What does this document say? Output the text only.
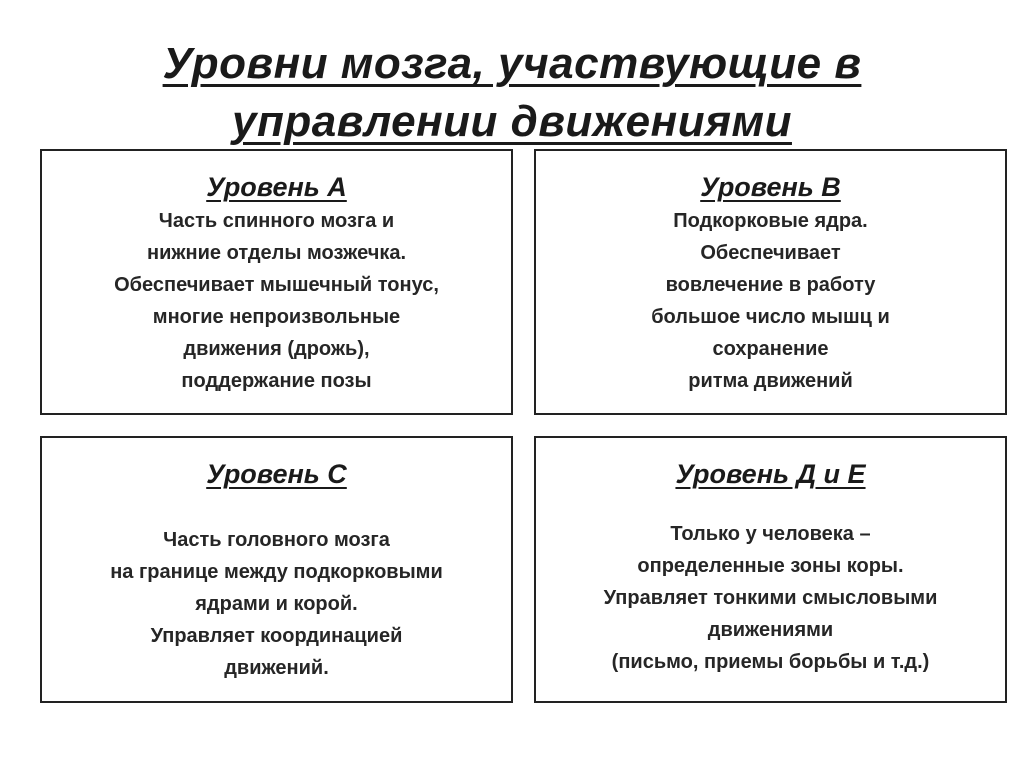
Уровни мозга, участвующие в
управлении движениями
Уровень А
Часть спинного мозга и
нижние отделы мозжечка.
Обеспечивает мышечный тонус,
многие непроизвольные
движения (дрожь),
поддержание позы
Уровень В
Подкорковые ядра.
Обеспечивает
вовлечение в работу
большое число мышц и
сохранение
ритма движений
Уровень С
Часть головного мозга
на границе между подкорковыми
ядрами и корой.
Управляет координацией
движений.
Уровень Д и Е
Только у человека –
определенные зоны коры.
Управляет тонкими смысловыми
движениями
(письмо, приемы борьбы и т.д.)
